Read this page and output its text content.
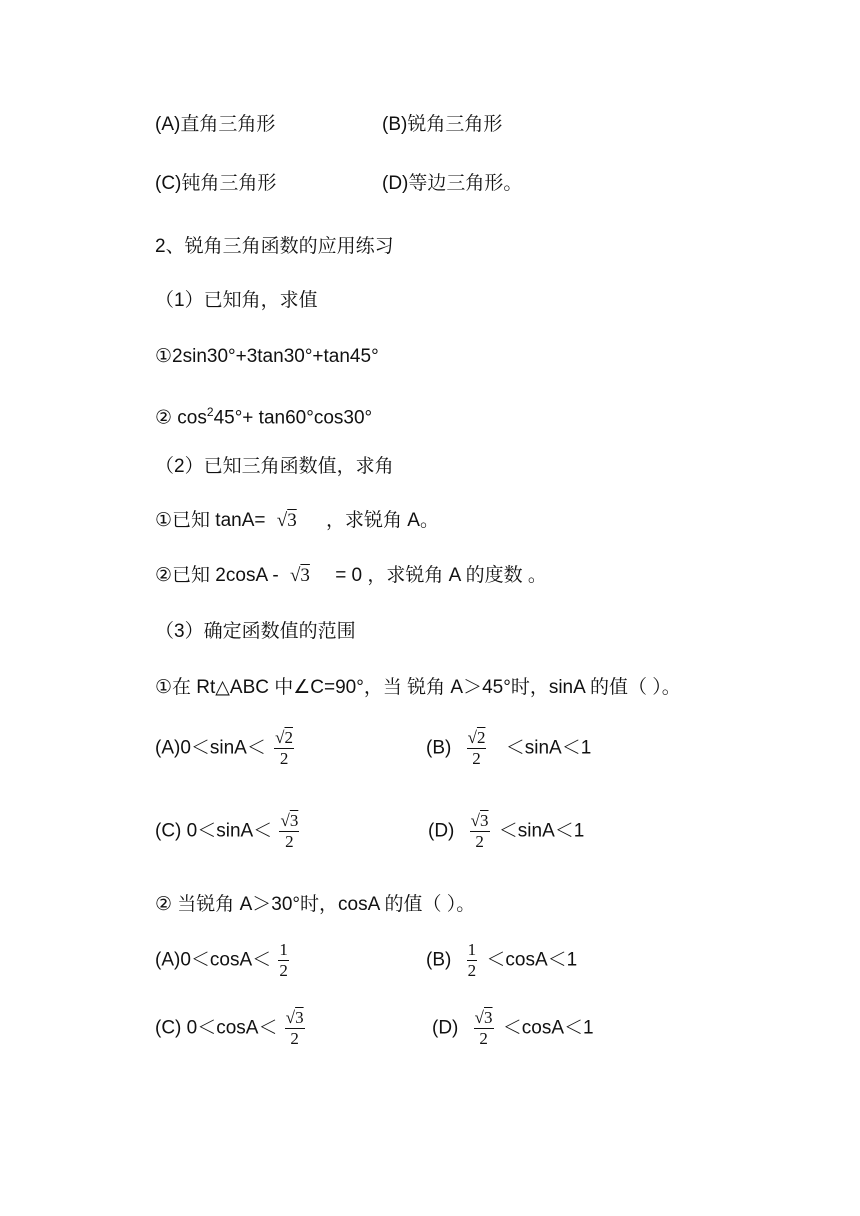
(A)直角三角形	(B)锐角三角形
(C)钝角三角形	(D)等边三角形。
2、锐角三角函数的应用练习
（1）已知角，求值
①2sin30°+3tan30°+tan45°
② $\cos^245^\circ+ \tan 60^\circ\cos 30^\circ$
（2）已知三角函数值，求角
①已知 tanA= √3 ，求锐角 A。
②已知 2cosA - √3 = 0 ，求锐角 A 的度数 。
（3）确定函数值的范围
①在 Rt△ABC 中∠C=90°，当 锐角 A＞45°时，sinA 的值（ ）。
$(A)0<\sin A< \frac{√2}{2}$	$(B) \frac{√2}{2} <\sin A<1$
(C) $0<\sin A< \frac{√3}{2}$	$(D) \frac{√3}{2} <\sin A<1$
② 当锐角 A＞30°时，cosA 的值（ ）。
$(A)0<\cos A< \frac{1}{2}$	$(B) \frac{1}{2} <\cos A<1$
(C) $0<\cos A< \frac{√3}{2}$	$(D) \frac{√3}{2} <\cos A<1$
